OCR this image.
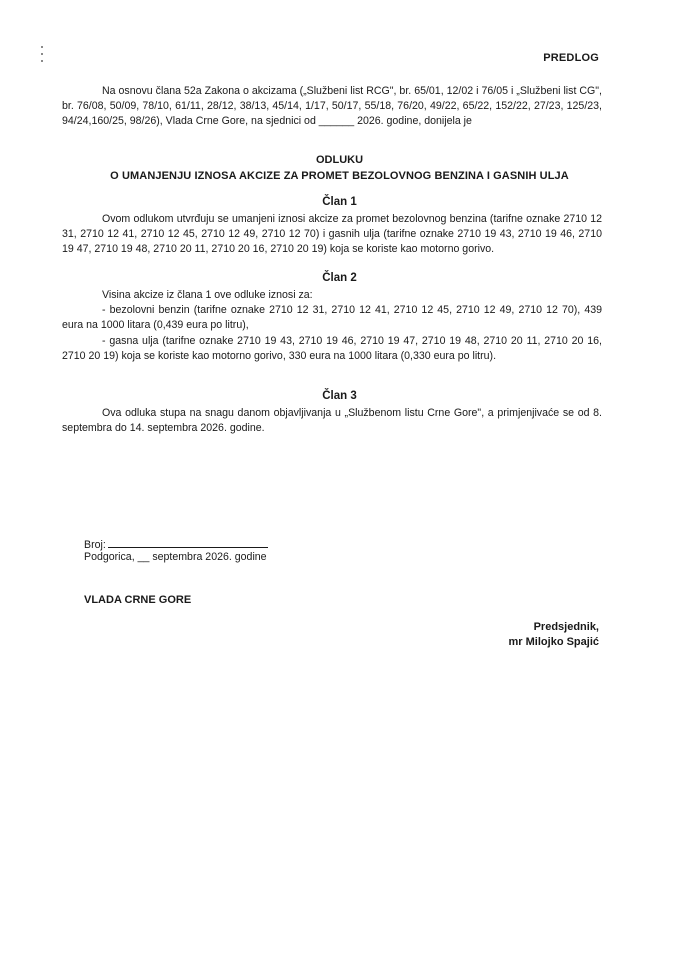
PREDLOG
Na osnovu člana 52a Zakona o akcizama („Službeni list RCG", br. 65/01, 12/02 i 76/05 i „Službeni list CG", br. 76/08, 50/09, 78/10, 61/11, 28/12, 38/13, 45/14, 1/17, 50/17, 55/18, 76/20, 49/22, 65/22, 152/22, 27/23, 125/23, 94/24,160/25, 98/26), Vlada Crne Gore, na sjednici od ______ 2026. godine, donijela je
ODLUKU
O UMANJENJU IZNOSA AKCIZE ZA PROMET BEZOLOVNOG BENZINA I GASNIH ULJA
Član 1
Ovom odlukom utvrđuju se umanjeni iznosi akcize za promet bezolovnog benzina (tarifne oznake 2710 12 31, 2710 12 41, 2710 12 45, 2710 12 49, 2710 12 70) i gasnih ulja (tarifne oznake 2710 19 43, 2710 19 46, 2710 19 47, 2710 19 48, 2710 20 11, 2710 20 16, 2710 20 19) koja se koriste kao motorno gorivo.
Član 2

Visina akcize iz člana 1 ove odluke iznosi za:

- bezolovni benzin (tarifne oznake 2710 12 31, 2710 12 41, 2710 12 45, 2710 12 49, 2710 12 70), 439 eura na 1000 litara (0,439 eura po litru),

- gasna ulja (tarifne oznake 2710 19 43, 2710 19 46, 2710 19 47, 2710 19 48, 2710 20 11, 2710 20 16, 2710 20 19) koja se koriste kao motorno gorivo, 330 eura na 1000 litara (0,330 eura po litru).

Član 3
Ova odluka stupa na snagu danom objavljivanja u „Službenom listu Crne Gore", a primjenjivaće se od 8. septembra do 14. septembra 2026. godine.
Broj:
Podgorica, __ septembra 2026. godine
VLADA CRNE GORE
Predsjednik,
mr Milojko Spajić
